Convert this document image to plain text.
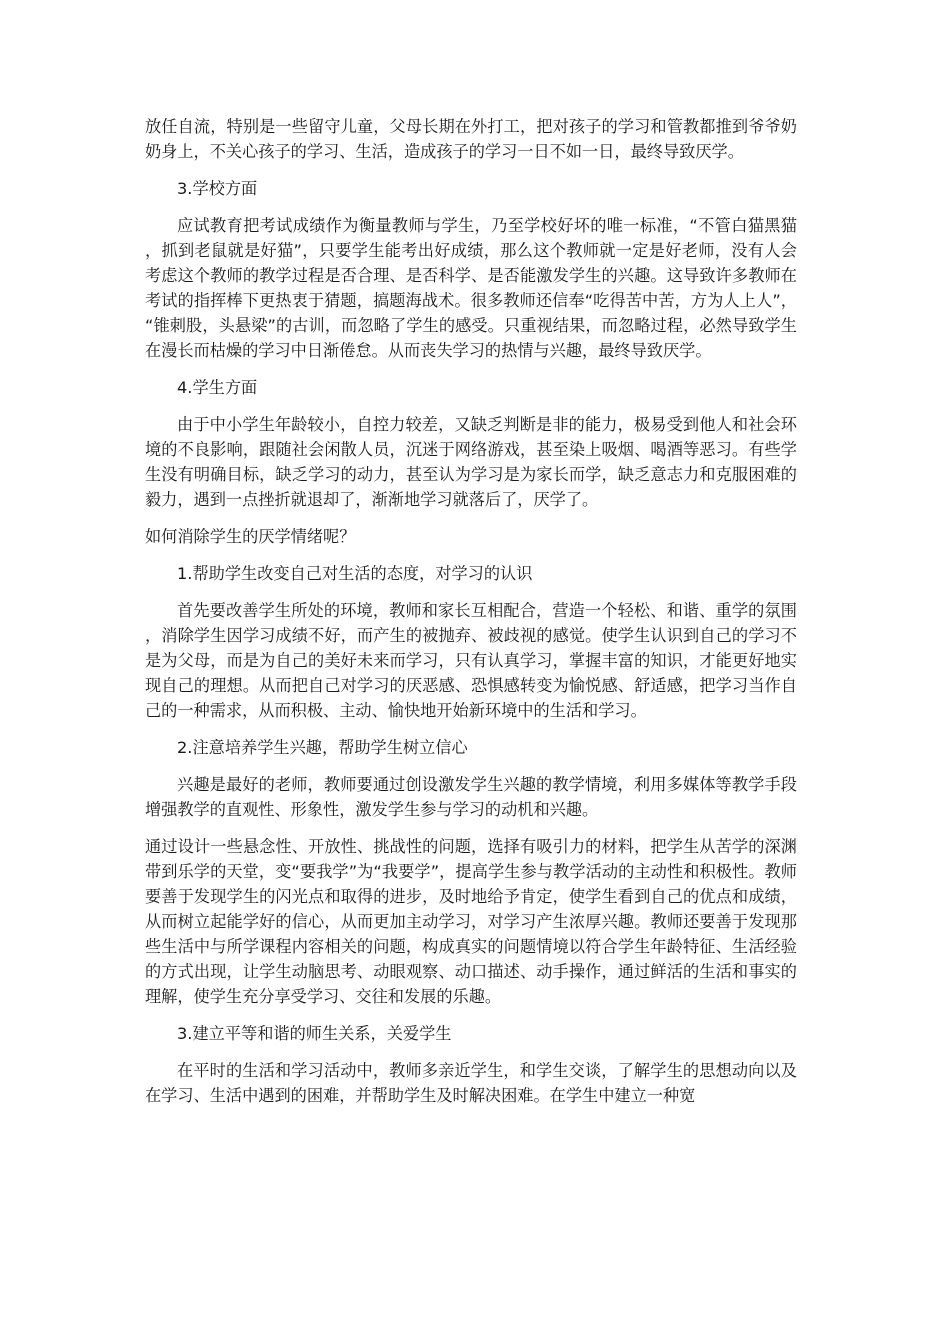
放任自流，特别是一些留守儿童，父母长期在外打工，把对孩子的学习和管教都推到爷爷奶奶身上，不关心孩子的学习、生活，造成孩子的学习一日不如一日，最终导致厌学。

3.学校方面

应试教育把考试成绩作为衡量教师与学生，乃至学校好坏的唯一标准，“不管白猫黑猫，抓到老鼠就是好猫”，只要学生能考出好成绩，那么这个教师就一定是好老师，没有人会考虑这个教师的教学过程是否合理、是否科学、是否能激发学生的兴趣。这导致许多教师在考试的指挥棒下更热衷于猜题，搞题海战术。很多教师还信奉“吃得苦中苦，方为人上人”，“锥刺股，头悬梁”的古训，而忽略了学生的感受。只重视结果，而忽略过程，必然导致学生在漫长而枯燥的学习中日渐倦怠。从而丧失学习的热情与兴趣，最终导致厌学。

4.学生方面

由于中小学生年龄较小，自控力较差，又缺乏判断是非的能力，极易受到他人和社会环境的不良影响，跟随社会闲散人员，沉迷于网络游戏，甚至染上吸烟、喝酒等恶习。有些学生没有明确目标，缺乏学习的动力，甚至认为学习是为家长而学，缺乏意志力和克服困难的毅力，遇到一点挫折就退却了，渐渐地学习就落后了，厌学了。

如何消除学生的厌学情绪呢？

1.帮助学生改变自己对生活的态度，对学习的认识

首先要改善学生所处的环境，教师和家长互相配合，营造一个轻松、和谐、重学的氛围，消除学生因学习成绩不好，而产生的被抛弃、被歧视的感觉。使学生认识到自己的学习不是为父母，而是为自己的美好未来而学习，只有认真学习，掌握丰富的知识，才能更好地实现自己的理想。从而把自己对学习的厌恶感、恐惧感转变为愉悦感、舒适感，把学习当作自己的一种需求，从而积极、主动、愉快地开始新环境中的生活和学习。

2.注意培养学生兴趣，帮助学生树立信心

兴趣是最好的老师，教师要通过创设激发学生兴趣的教学情境，利用多媒体等教学手段增强教学的直观性、形象性，激发学生参与学习的动机和兴趣。

通过设计一些悬念性、开放性、挑战性的问题，选择有吸引力的材料，把学生从苦学的深渊带到乐学的天堂，变“要我学”为“我要学”，提高学生参与教学活动的主动性和积极性。教师要善于发现学生的闪光点和取得的进步，及时地给予肯定，使学生看到自己的优点和成绩，从而树立起能学好的信心，从而更加主动学习，对学习产生浓厚兴趣。教师还要善于发现那些生活中与所学课程内容相关的问题，构成真实的问题情境以符合学生年龄特征、生活经验的方式出现，让学生动脑思考、动眼观察、动口描述、动手操作，通过鲜活的生活和事实的理解，使学生充分享受学习、交往和发展的乐趣。

3.建立平等和谐的师生关系，关爱学生

在平时的生活和学习活动中，教师多亲近学生，和学生交谈，了解学生的思想动向以及在学习、生活中遇到的困难，并帮助学生及时解决困难。在学生中建立一种宽
